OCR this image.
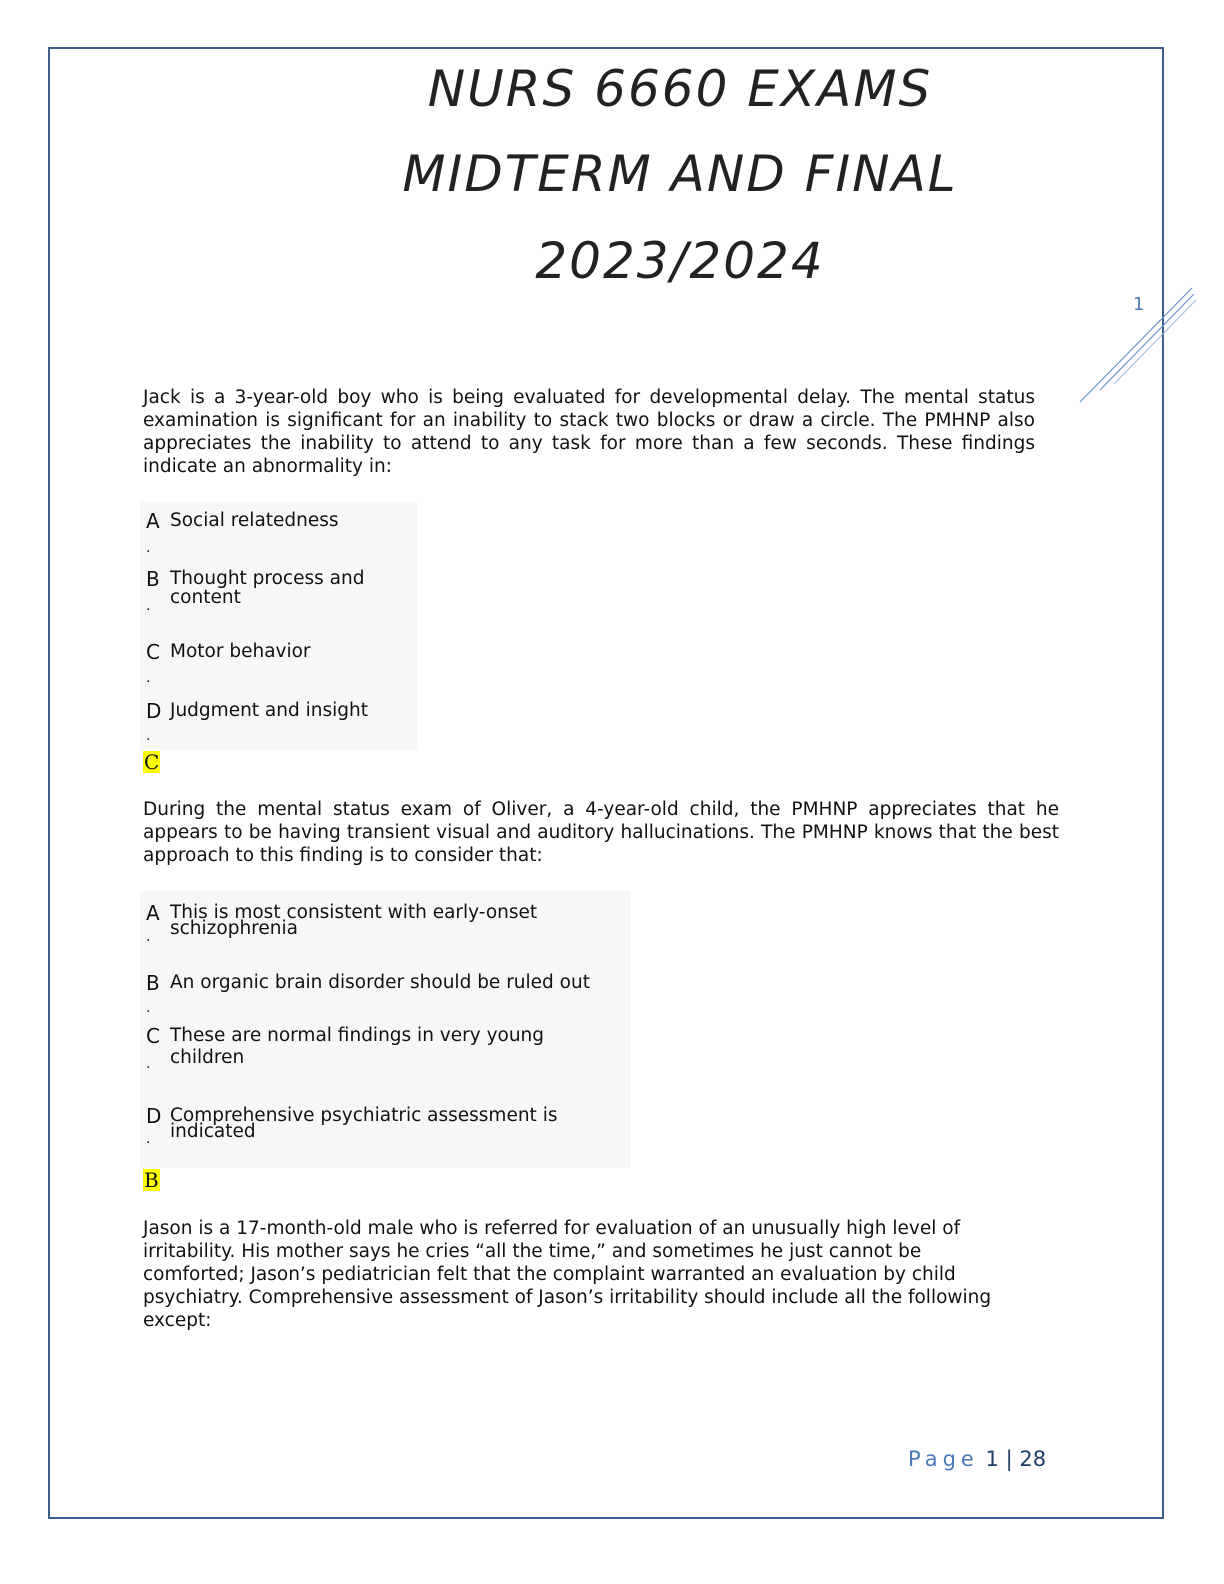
NURS 6660 EXAMS
MIDTERM AND FINAL
2023/2024
1
Jack is a 3-year-old boy who is being evaluated for developmental delay. The mental status examination is significant for an inability to stack two blocks or draw a circle. The PMHNP also appreciates the inability to attend to any task for more than a few seconds. These findings indicate an abnormality in:
A Social relatedness
.
B Thought process and
content
.
C Motor behavior
.
D Judgment and insight
.
C
During the mental status exam of Oliver, a 4-year-old child, the PMHNP appreciates that he appears to be having transient visual and auditory hallucinations. The PMHNP knows that the best approach to this finding is to consider that:
A This is most consistent with early-onset
schizophrenia
.
B An organic brain disorder should be ruled out
.
C These are normal findings in very young
children
.
D Comprehensive psychiatric assessment is
indicated
.
B
Jason is a 17-month-old male who is referred for evaluation of an unusually high level of irritability. His mother says he cries “all the time,” and sometimes he just cannot be comforted; Jason’s pediatrician felt that the complaint warranted an evaluation by child psychiatry. Comprehensive assessment of Jason’s irritability should include all the following except:
Page 1 | 28
